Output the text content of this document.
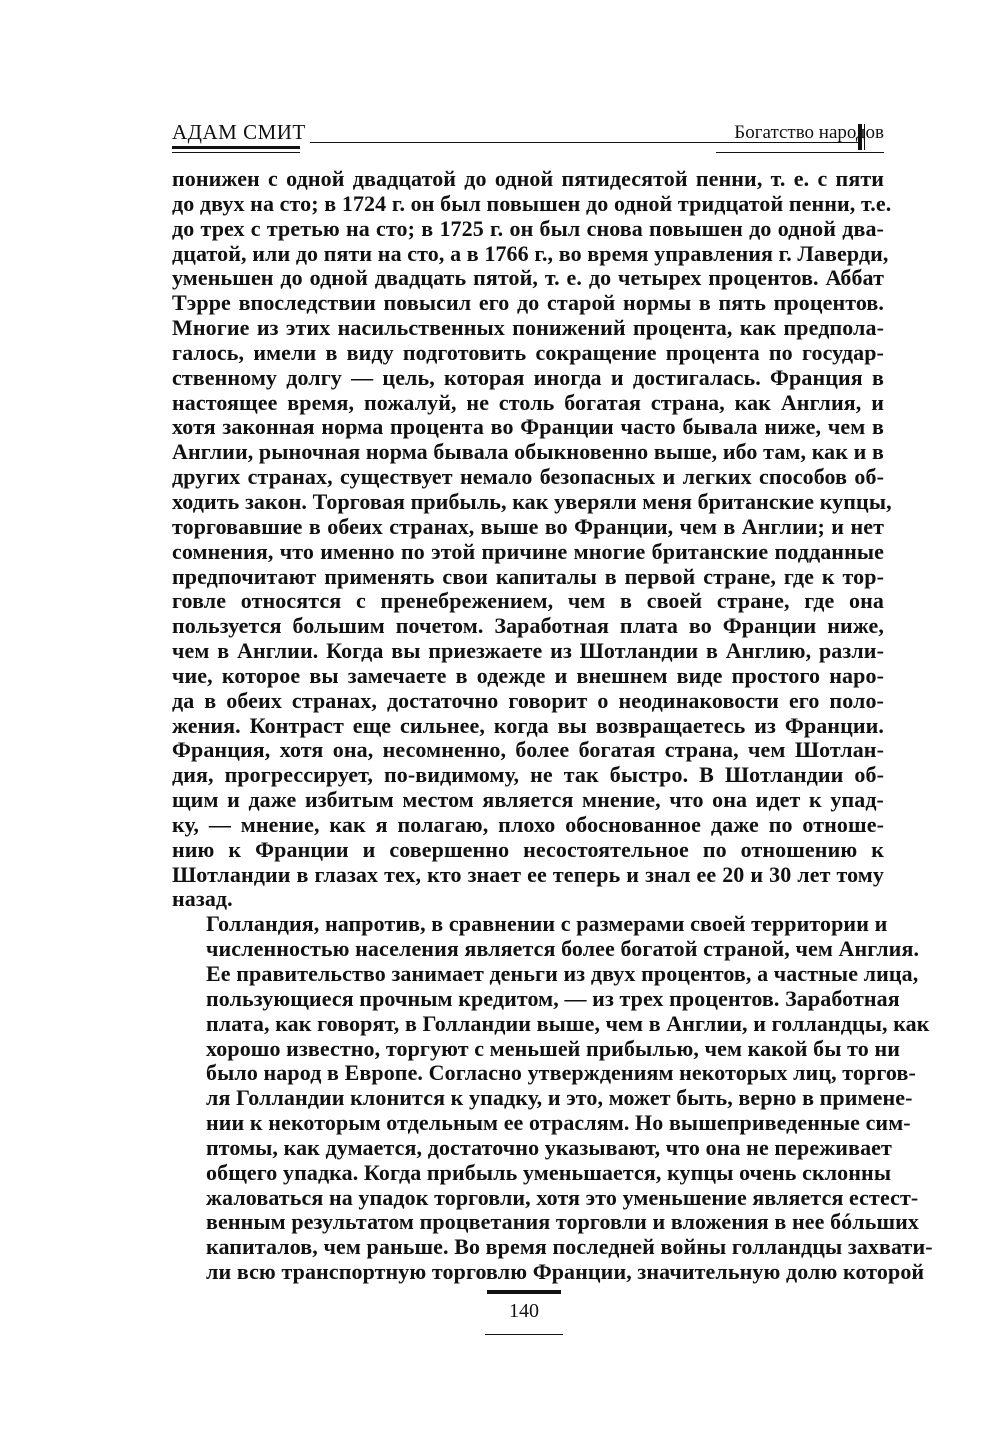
АДАМ СМИТ	Богатство народов

понижен с одной двадцатой до одной пятидесятой пенни, т. е. с пяти
до двух на сто; в 1724 г. он был повышен до одной тридцатой пенни, т.е.
до трех с третью на сто; в 1725 г. он был снова повышен до одной два-
дцатой, или до пяти на сто, а в 1766 г., во время управления г. Лаверди,
уменьшен до одной двадцать пятой, т. е. до четырех процентов. Аббат
Тэрре впоследствии повысил его до старой нормы в пять процентов.
Многие из этих насильственных понижений процента, как предпола-
галось, имели в виду подготовить сокращение процента по государ-
ственному долгу — цель, которая иногда и достигалась. Франция в
настоящее время, пожалуй, не столь богатая страна, как Англия, и
хотя законная норма процента во Франции часто бывала ниже, чем в
Англии, рыночная норма бывала обыкновенно выше, ибо там, как и в
других странах, существует немало безопасных и легких способов об-
ходить закон. Торговая прибыль, как уверяли меня британские купцы,
торговавшие в обеих странах, выше во Франции, чем в Англии; и нет
сомнения, что именно по этой причине многие британские подданные
предпочитают применять свои капиталы в первой стране, где к тор-
говле относятся с пренебрежением, чем в своей стране, где она
пользуется большим почетом. Заработная плата во Франции ниже,
чем в Англии. Когда вы приезжаете из Шотландии в Англию, разли-
чие, которое вы замечаете в одежде и внешнем виде простого наро-
да в обеих странах, достаточно говорит о неодинаковости его поло-
жения. Контраст еще сильнее, когда вы возвращаетесь из Франции.
Франция, хотя она, несомненно, более богатая страна, чем Шотлан-
дия, прогрессирует, по-видимому, не так быстро. В Шотландии об-
щим и даже избитым местом является мнение, что она идет к упад-
ку, — мнение, как я полагаю, плохо обоснованное даже по отноше-
нию к Франции и совершенно несостоятельное по отношению к
Шотландии в глазах тех, кто знает ее теперь и знал ее 20 и 30 лет тому
назад.

Голландия, напротив, в сравнении с размерами своей территории и
численностью населения является более богатой страной, чем Англия.
Ее правительство занимает деньги из двух процентов, а частные лица,
пользующиеся прочным кредитом, — из трех процентов. Заработная
плата, как говорят, в Голландии выше, чем в Англии, и голландцы, как
хорошо известно, торгуют с меньшей прибылью, чем какой бы то ни
было народ в Европе. Согласно утверждениям некоторых лиц, торгов-
ля Голландии клонится к упадку, и это, может быть, верно в примене-
нии к некоторым отдельным ее отраслям. Но вышеприведенные сим-
птомы, как думается, достаточно указывают, что она не переживает
общего упадка. Когда прибыль уменьшается, купцы очень склонны
жаловаться на упадок торговли, хотя это уменьшение является естест-
венным результатом процветания торговли и вложения в нее бóльших
капиталов, чем раньше. Во время последней войны голландцы захвати-
ли всю транспортную торговлю Франции, значительную долю которой

140
